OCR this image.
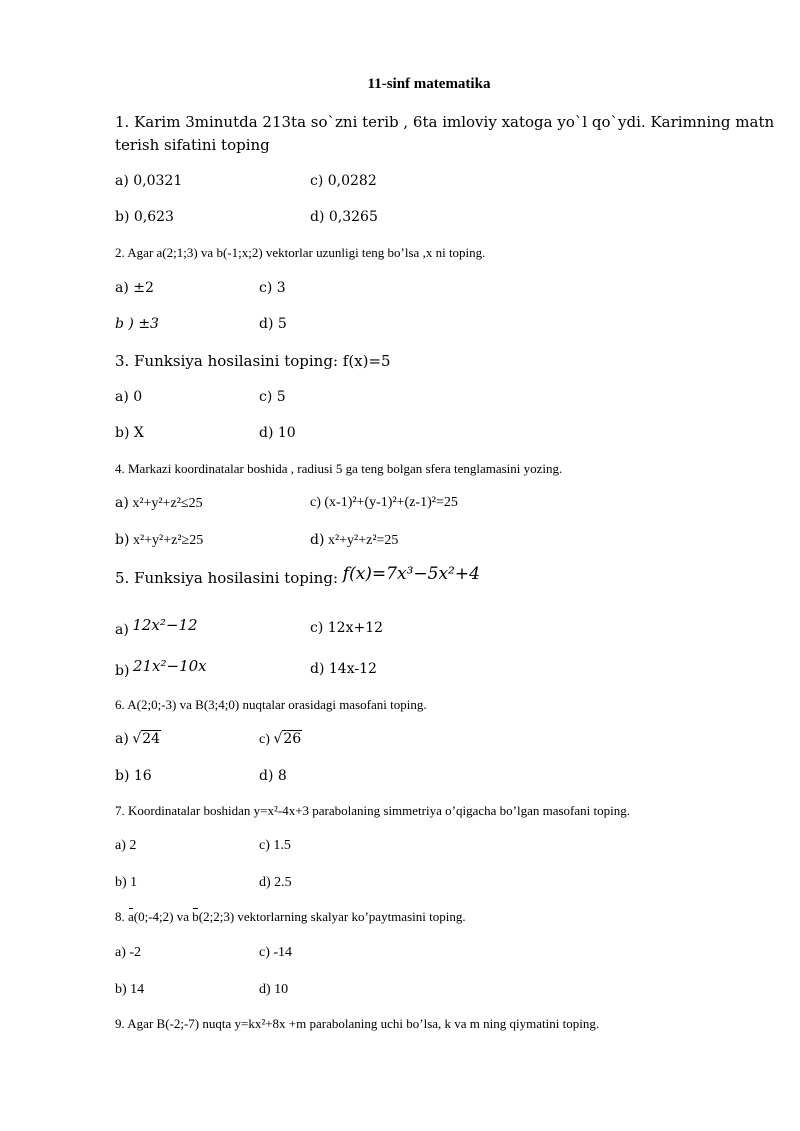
11-sinf matematika
1. Karim 3minutda 213ta so`zni terib , 6ta imloviy xatoga yo`l qo`ydi. Karimning matn
terish sifatini toping
a) 0,0321	c) 0,0282
b) 0,623	d) 0,3265
2. Agar a(2;1;3) va b(-1;x;2) vektorlar uzunligi teng bo’lsa ,x ni toping.
a) ±2	c) 3
b ) ±3	d) 5
3. Funksiya hosilasini toping: f(x)=5
a) 0	c) 5
b) X	d) 10
4. Markazi koordinatalar boshida , radiusi 5 ga teng bolgan sfera tenglamasini yozing.
a) x²+y²+z²≤25	c) (x-1)²+(y-1)²+(z-1)²=25
b) x²+y²+z²≥25	d) x²+y²+z²=25
5. Funksiya hosilasini toping: f(x)=7x³−5x²+4
a) 12x²−12	c) 12x+12
b) 21x²−10x	d) 14x-12
6. A(2;0;-3) va B(3;4;0) nuqtalar orasidagi masofani toping.
a) √24	c) √26
b) 16	d) 8
7. Koordinatalar boshidan y=x²-4x+3 parabolaning simmetriya o’qigacha bo’lgan masofani toping.
a) 2	c) 1.5
b) 1	d) 2.5
8. a(0;-4;2) va b(2;2;3) vektorlarning skalyar ko’paytmasini toping.
a) -2	c) -14
b) 14	d) 10
9. Agar B(-2;-7) nuqta y=kx²+8x +m parabolaning uchi bo’lsa, k va m ning qiymatini toping.
